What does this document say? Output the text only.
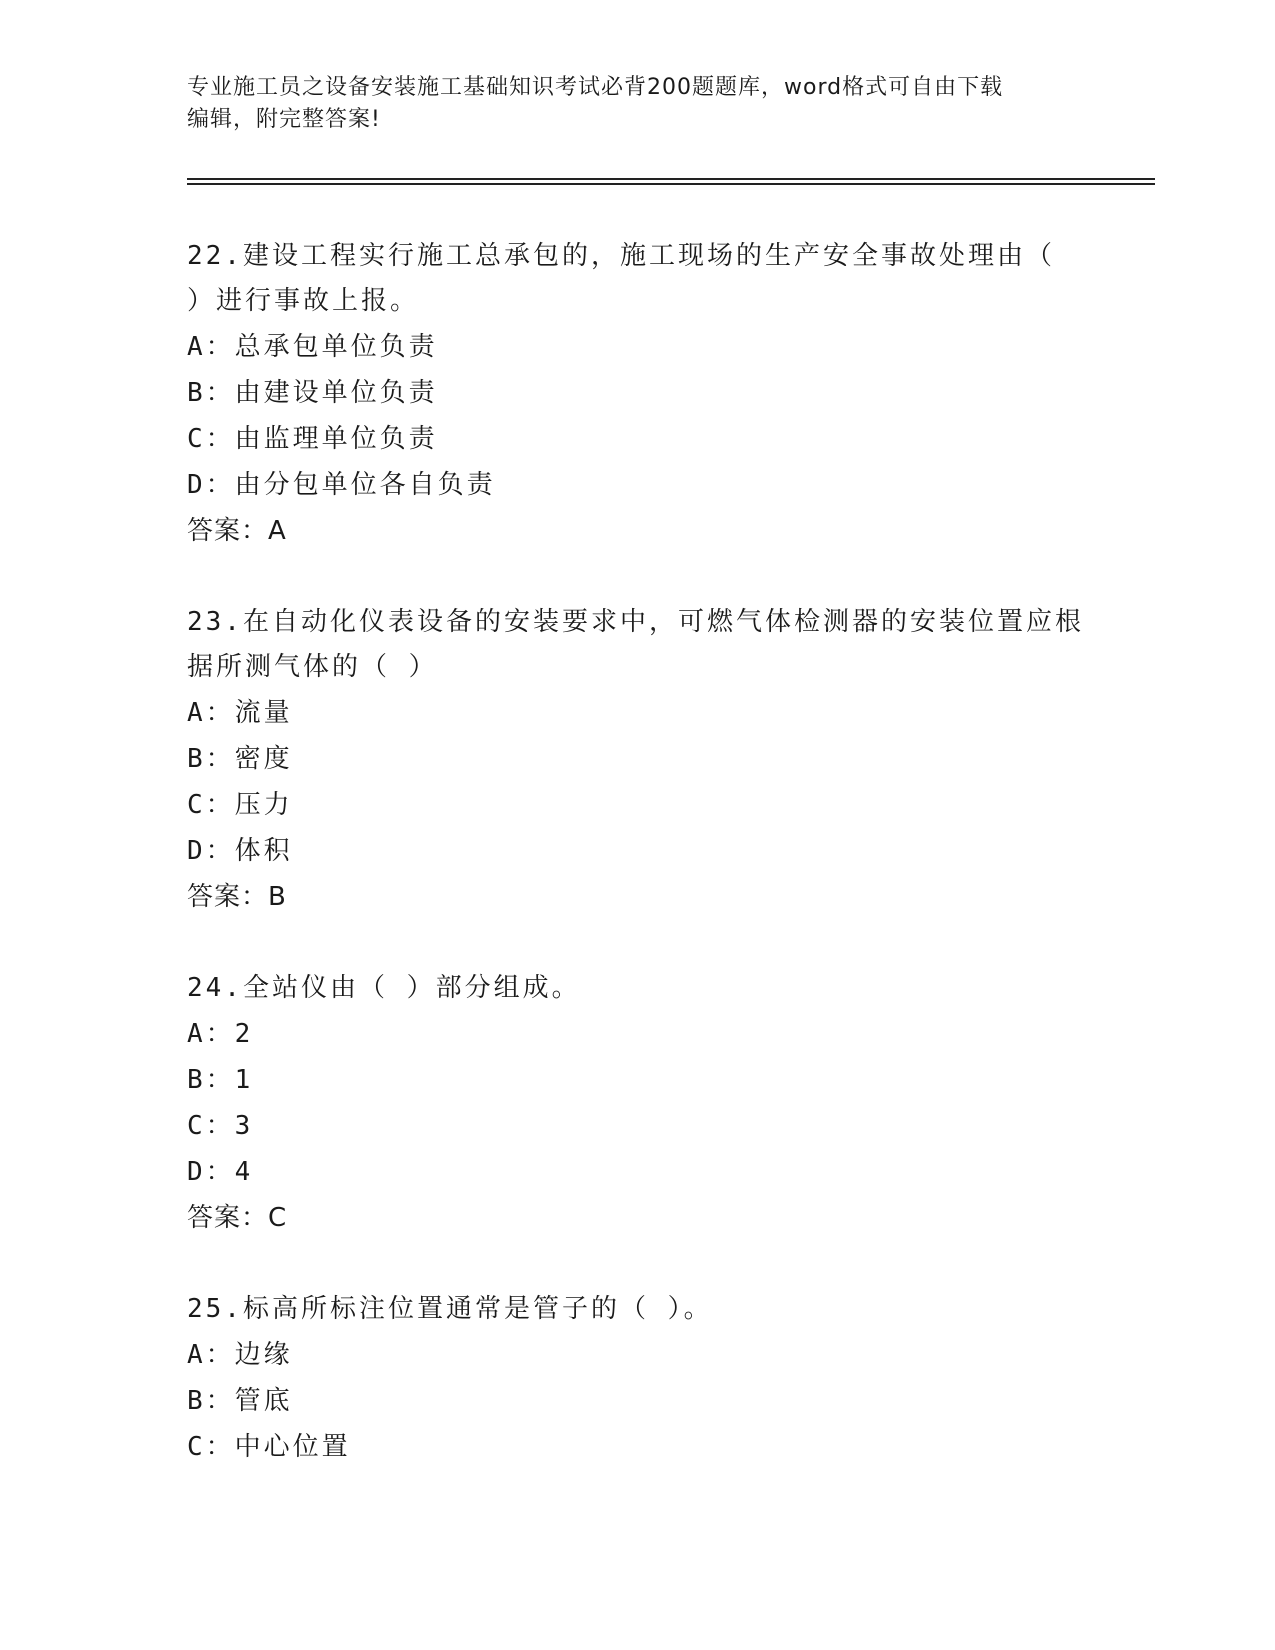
专业施工员之设备安装施工基础知识考试必背200题题库，word格式可自由下载
编辑，附完整答案!
22.建设工程实行施工总承包的，施工现场的生产安全事故处理由（
）进行事故上报。
A：总承包单位负责
B：由建设单位负责
C：由监理单位负责
D：由分包单位各自负责
答案：A
23.在自动化仪表设备的安装要求中，可燃气体检测器的安装位置应根
据所测气体的（ ）
A：流量
B：密度
C：压力
D：体积
答案：B
24.全站仪由（ ）部分组成。
A：2
B：1
C：3
D：4
答案：C
25.标高所标注位置通常是管子的（ ）。
A：边缘
B：管底
C：中心位置
